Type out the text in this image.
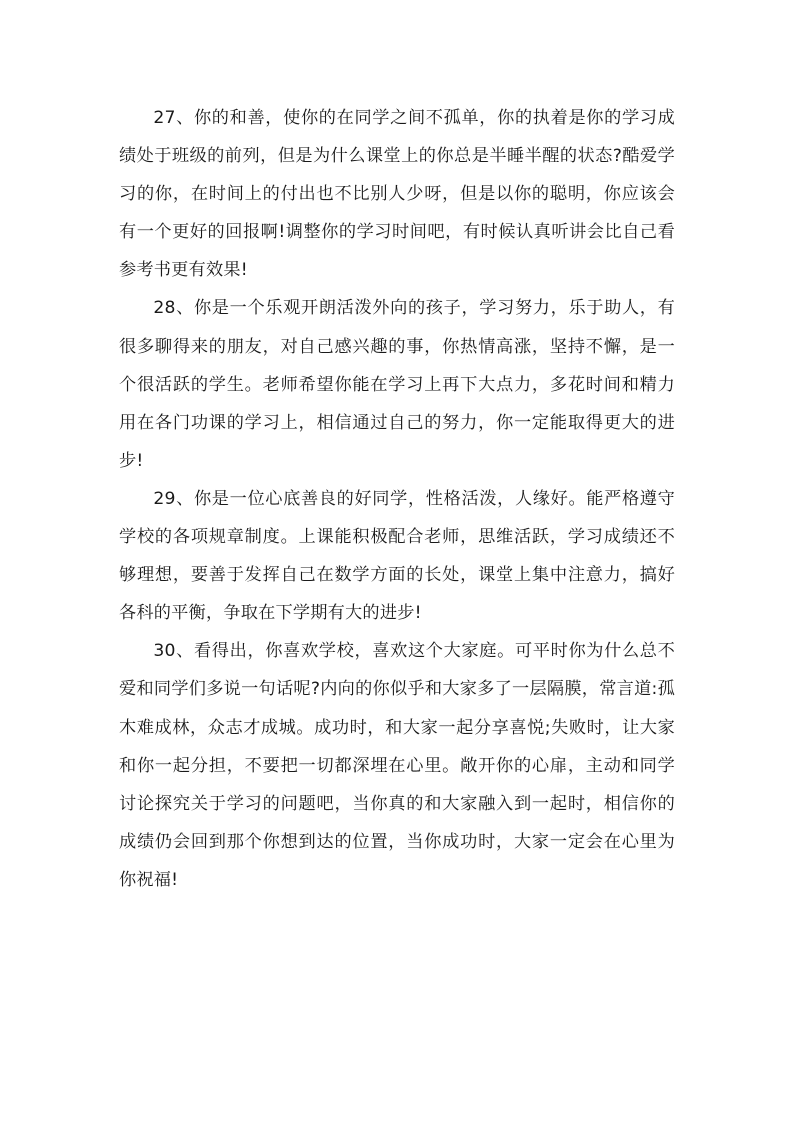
27、你的和善，使你的在同学之间不孤单，你的执着是你的学习成绩处于班级的前列，但是为什么课堂上的你总是半睡半醒的状态?酷爱学习的你，在时间上的付出也不比别人少呀，但是以你的聪明，你应该会有一个更好的回报啊!调整你的学习时间吧，有时候认真听讲会比自己看参考书更有效果!

28、你是一个乐观开朗活泼外向的孩子，学习努力，乐于助人，有很多聊得来的朋友，对自己感兴趣的事，你热情高涨，坚持不懈，是一个很活跃的学生。老师希望你能在学习上再下大点力，多花时间和精力用在各门功课的学习上，相信通过自己的努力，你一定能取得更大的进步!

29、你是一位心底善良的好同学，性格活泼，人缘好。能严格遵守学校的各项规章制度。上课能积极配合老师，思维活跃，学习成绩还不够理想，要善于发挥自己在数学方面的长处，课堂上集中注意力，搞好各科的平衡，争取在下学期有大的进步!

30、看得出，你喜欢学校，喜欢这个大家庭。可平时你为什么总不爱和同学们多说一句话呢?内向的你似乎和大家多了一层隔膜，常言道:孤木难成林，众志才成城。成功时，和大家一起分享喜悦;失败时，让大家和你一起分担，不要把一切都深埋在心里。敞开你的心扉，主动和同学讨论探究关于学习的问题吧，当你真的和大家融入到一起时，相信你的成绩仍会回到那个你想到达的位置，当你成功时，大家一定会在心里为你祝福!
